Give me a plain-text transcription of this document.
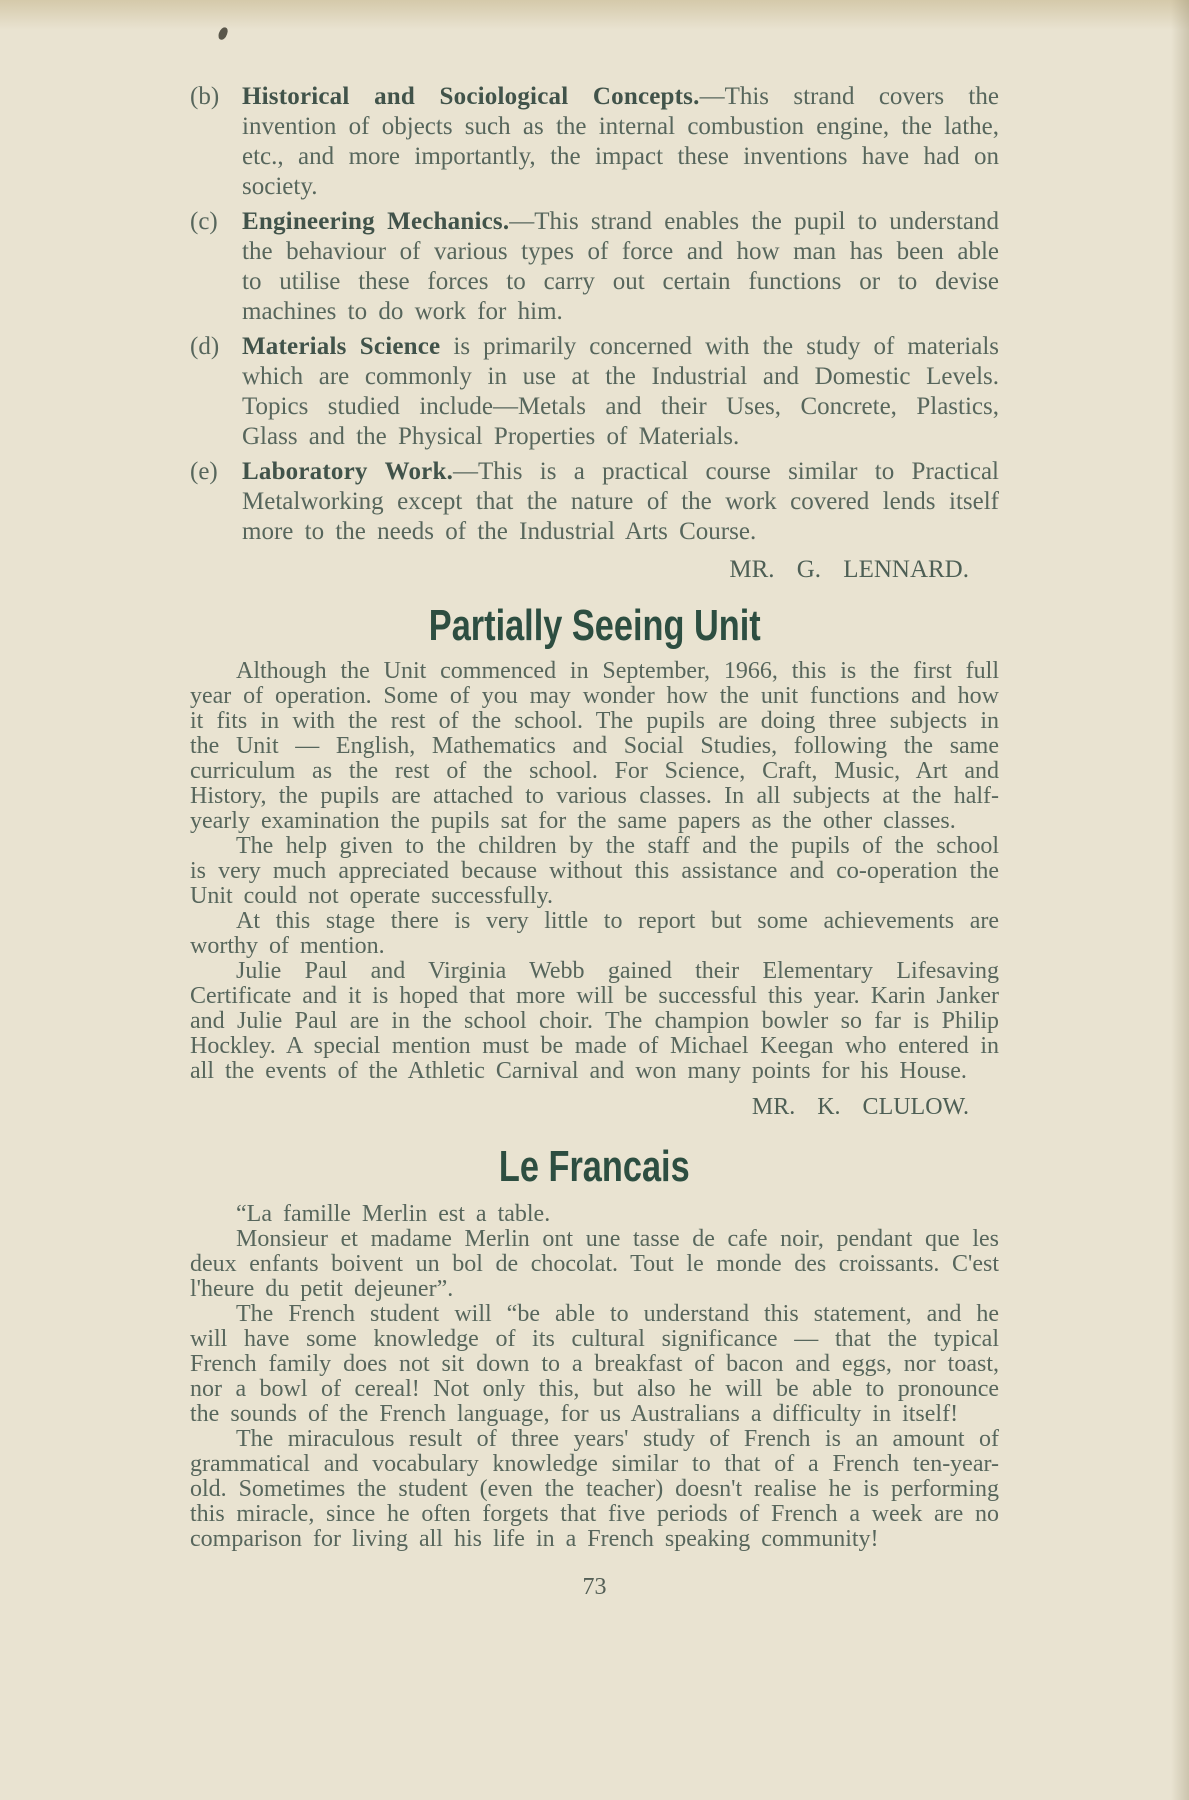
(b) Historical and Sociological Concepts.—This strand covers the invention of objects such as the internal combustion engine, the lathe, etc., and more importantly, the impact these inventions have had on society.

(c) Engineering Mechanics.—This strand enables the pupil to understand the behaviour of various types of force and how man has been able to utilise these forces to carry out certain functions or to devise machines to do work for him.

(d) Materials Science is primarily concerned with the study of materials which are commonly in use at the Industrial and Domestic Levels. Topics studied include—Metals and their Uses, Concrete, Plastics, Glass and the Physical Properties of Materials.

(e) Laboratory Work.—This is a practical course similar to Practical Metalworking except that the nature of the work covered lends itself more to the needs of the Industrial Arts Course.

MR. G. LENNARD.

Partially Seeing Unit

Although the Unit commenced in September, 1966, this is the first full year of operation. Some of you may wonder how the unit functions and how it fits in with the rest of the school. The pupils are doing three subjects in the Unit — English, Mathematics and Social Studies, following the same curriculum as the rest of the school. For Science, Craft, Music, Art and History, the pupils are attached to various classes. In all subjects at the half-yearly examination the pupils sat for the same papers as the other classes.

The help given to the children by the staff and the pupils of the school is very much appreciated because without this assistance and co-operation the Unit could not operate successfully.

At this stage there is very little to report but some achievements are worthy of mention.

Julie Paul and Virginia Webb gained their Elementary Lifesaving Certificate and it is hoped that more will be successful this year. Karin Janker and Julie Paul are in the school choir. The champion bowler so far is Philip Hockley. A special mention must be made of Michael Keegan who entered in all the events of the Athletic Carnival and won many points for his House.

MR. K. CLULOW.

Le Francais

“La famille Merlin est a table.

Monsieur et madame Merlin ont une tasse de cafe noir, pendant que les deux enfants boivent un bol de chocolat. Tout le monde des croissants. C'est l'heure du petit dejeuner”.

The French student will “be able to understand this statement, and he will have some knowledge of its cultural significance — that the typical French family does not sit down to a breakfast of bacon and eggs, nor toast, nor a bowl of cereal! Not only this, but also he will be able to pronounce the sounds of the French language, for us Australians a difficulty in itself!

The miraculous result of three years' study of French is an amount of grammatical and vocabulary knowledge similar to that of a French ten-year-old. Sometimes the student (even the teacher) doesn't realise he is performing this miracle, since he often forgets that five periods of French a week are no comparison for living all his life in a French speaking community!

73
